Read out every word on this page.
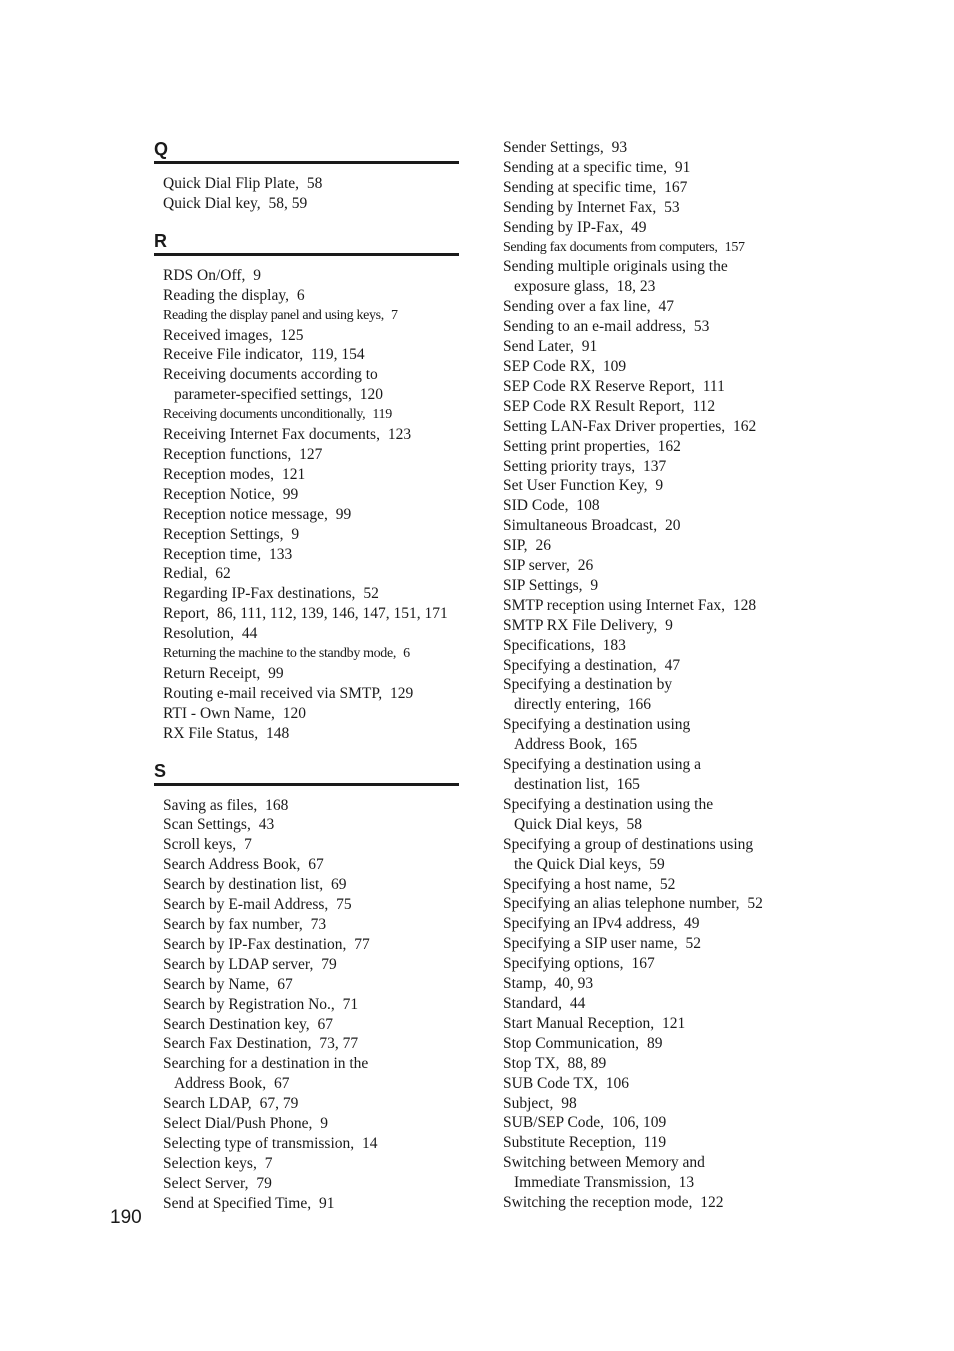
Q
Quick Dial Flip Plate, 58
Quick Dial key, 58, 59
R
RDS On/Off, 9
Reading the display, 6
Reading the display panel and using keys, 7
Received images, 125
Receive File indicator, 119, 154
Receiving documents according to
parameter-specified settings, 120
Receiving documents unconditionally, 119
Receiving Internet Fax documents, 123
Reception functions, 127
Reception modes, 121
Reception Notice, 99
Reception notice message, 99
Reception Settings, 9
Reception time, 133
Redial, 62
Regarding IP-Fax destinations, 52
Report, 86, 111, 112, 139, 146, 147, 151, 171
Resolution, 44
Returning the machine to the standby mode, 6
Return Receipt, 99
Routing e-mail received via SMTP, 129
RTI - Own Name, 120
RX File Status, 148
S
Saving as files, 168
Scan Settings, 43
Scroll keys, 7
Search Address Book, 67
Search by destination list, 69
Search by E-mail Address, 75
Search by fax number, 73
Search by IP-Fax destination, 77
Search by LDAP server, 79
Search by Name, 67
Search by Registration No., 71
Search Destination key, 67
Search Fax Destination, 73, 77
Searching for a destination in the
Address Book, 67
Search LDAP, 67, 79
Select Dial/Push Phone, 9
Selecting type of transmission, 14
Selection keys, 7
Select Server, 79
Send at Specified Time, 91
Sender Settings, 93
Sending at a specific time, 91
Sending at specific time, 167
Sending by Internet Fax, 53
Sending by IP-Fax, 49
Sending fax documents from computers, 157
Sending multiple originals using the
exposure glass, 18, 23
Sending over a fax line, 47
Sending to an e-mail address, 53
Send Later, 91
SEP Code RX, 109
SEP Code RX Reserve Report, 111
SEP Code RX Result Report, 112
Setting LAN-Fax Driver properties, 162
Setting print properties, 162
Setting priority trays, 137
Set User Function Key, 9
SID Code, 108
Simultaneous Broadcast, 20
SIP, 26
SIP server, 26
SIP Settings, 9
SMTP reception using Internet Fax, 128
SMTP RX File Delivery, 9
Specifications, 183
Specifying a destination, 47
Specifying a destination by
directly entering, 166
Specifying a destination using
Address Book, 165
Specifying a destination using a
destination list, 165
Specifying a destination using the
Quick Dial keys, 58
Specifying a group of destinations using
the Quick Dial keys, 59
Specifying a host name, 52
Specifying an alias telephone number, 52
Specifying an IPv4 address, 49
Specifying a SIP user name, 52
Specifying options, 167
Stamp, 40, 93
Standard, 44
Start Manual Reception, 121
Stop Communication, 89
Stop TX, 88, 89
SUB Code TX, 106
Subject, 98
SUB/SEP Code, 106, 109
Substitute Reception, 119
Switching between Memory and
Immediate Transmission, 13
Switching the reception mode, 122
190
